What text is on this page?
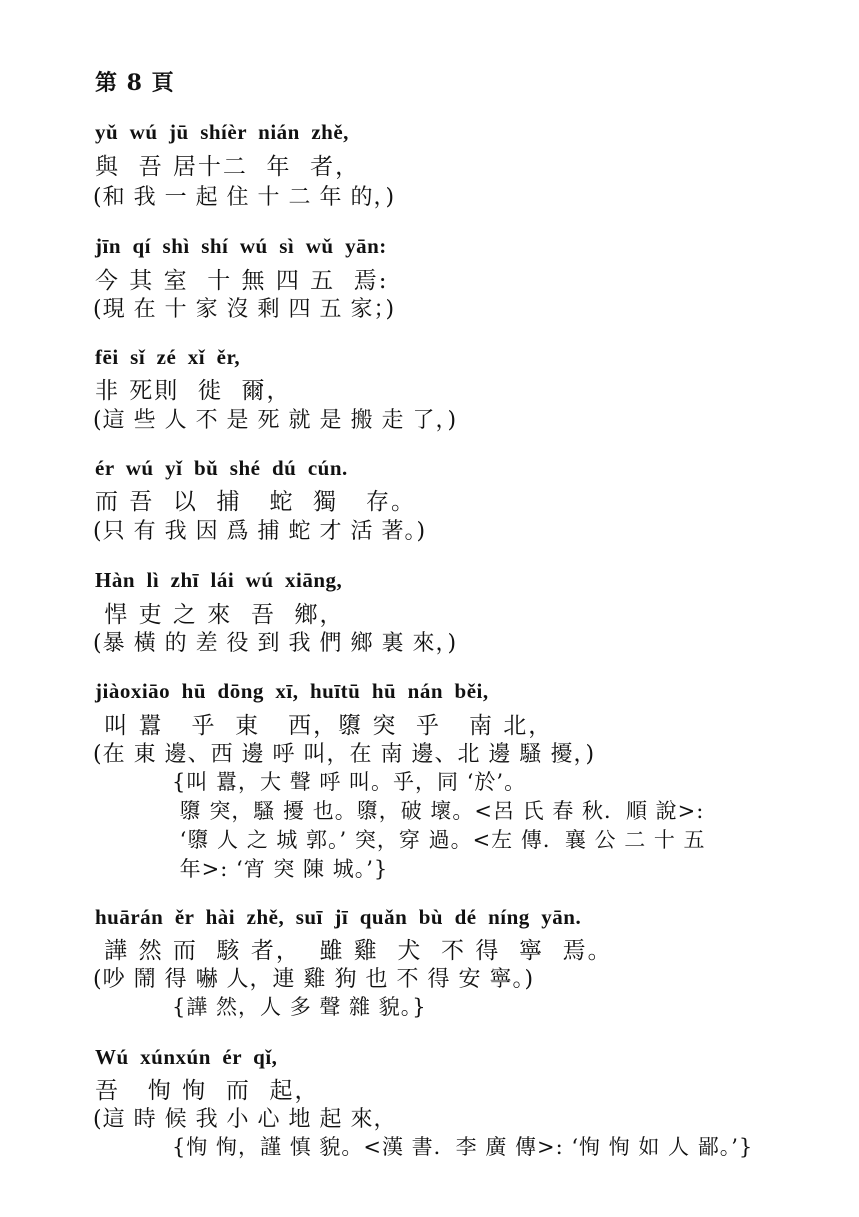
第 8 頁
yǔ  wú  jū  shíèr  nián  zhě,
與  吾 居十二  年  者，
(和 我 一 起 住 十 二 年 的，)
jīn  qí  shì  shí  wú  sì  wǔ  yān:
今 其 室  十 無 四 五  焉:
(現 在 十 家 沒 剩 四 五 家；)
fēi  sǐ  zé  xǐ  ěr,
非 死則  徙  爾，
(這 些 人 不 是 死 就 是 搬 走 了，)
ér  wú  yǐ  bǔ  shé  dú  cún.
而 吾  以  捕   蛇  獨   存。
(只 有 我 因 爲 捕 蛇 才 活 著。)
Hàn  lì  zhī  lái  wú  xiāng,
悍 吏 之 來  吾  鄉，
(暴 橫 的 差 役 到 我 們 鄉 裏 來，)
jiàoxiāo  hū  dōng  xī,  huītū  hū  nán  běi,
叫 囂   乎  東   西，隳 突  乎   南 北，
(在 東 邊、西 邊 呼 叫，在 南 邊、北 邊 騷 擾，)
{叫 囂，大 聲 呼 叫。乎，同 ‘於’。
隳 突，騷 擾 也。隳，破 壞。<呂 氏 春 秋．順 說>:
‘隳 人 之 城 郭。’ 突，穿 過。<左 傳．襄 公 二 十 五
年>: ‘宵 突 陳 城。’}
huārán  ěr  hài  zhě,  suī  jī  quǎn  bù  dé  níng  yān.
譁 然 而  駭 者，  雖 雞  犬  不 得  寧  焉。
(吵 鬧 得 嚇 人，連 雞 狗 也 不 得 安 寧。)
{譁 然，人 多 聲 雜 貌。}
Wú  xúnxún  ér  qǐ,
吾   恂 恂  而  起，
(這 時 候 我 小 心 地 起 來，
{恂 恂，謹 慎 貌。<漢 書．李 廣 傳>: ‘恂 恂 如 人 鄙。’}
